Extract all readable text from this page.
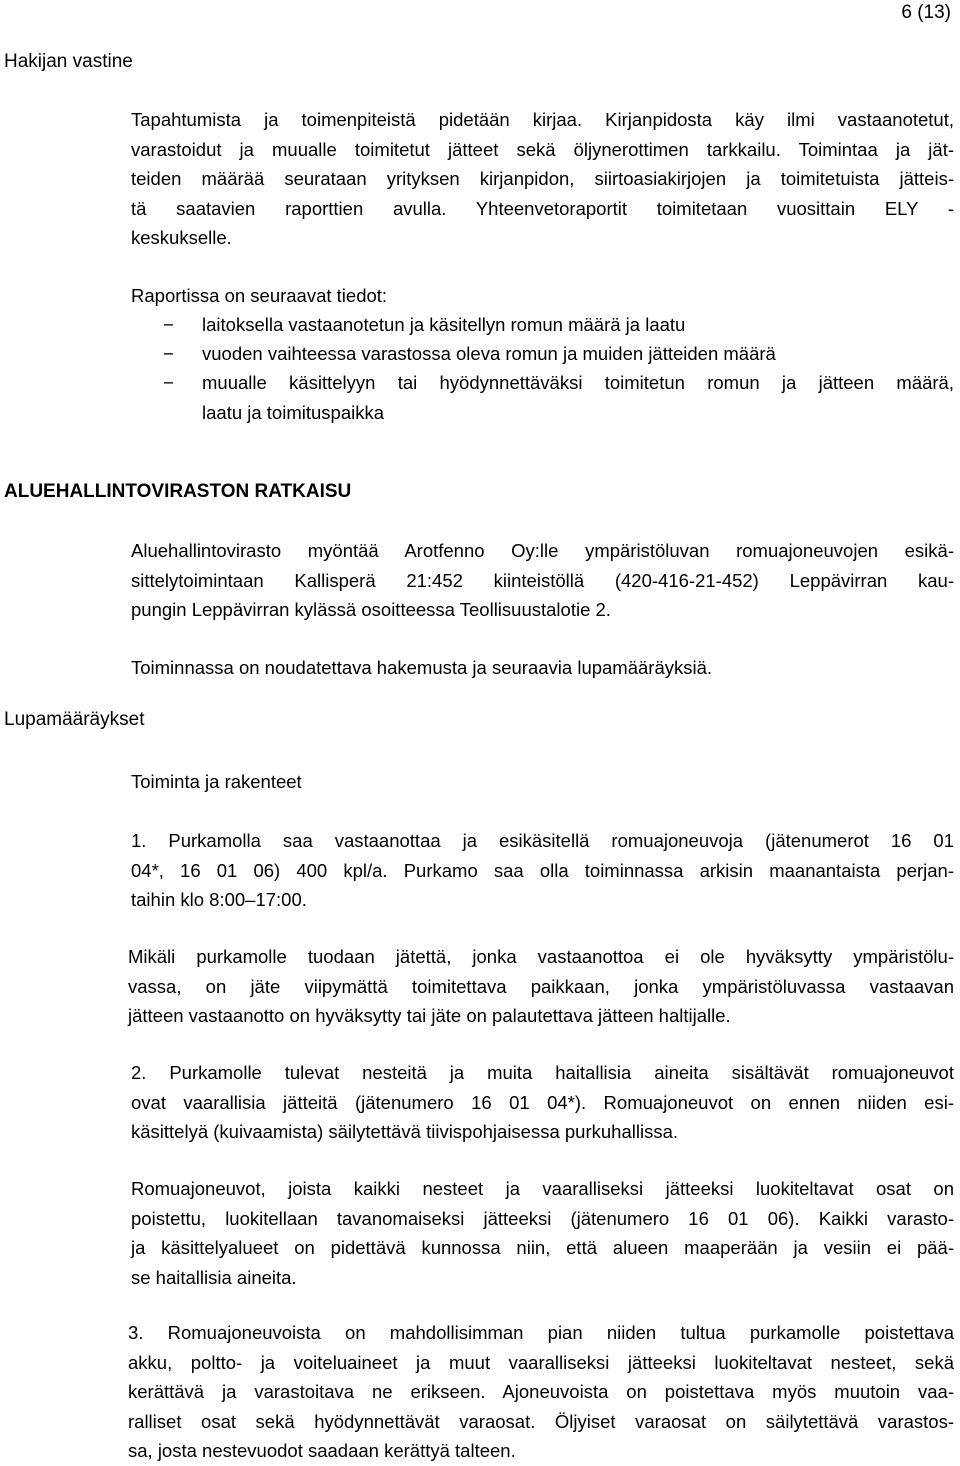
6 (13)
Hakijan vastine
Tapahtumista ja toimenpiteistä pidetään kirjaa. Kirjanpidosta käy ilmi vastaanotetut,
varastoidut ja muualle toimitetut jätteet sekä öljynerottimen tarkkailu. Toimintaa ja jät-
teiden määrää seurataan yrityksen kirjanpidon, siirtoasiakirjojen ja toimitetuista jätteis-
tä saatavien raporttien avulla. Yhteenvetoraportit toimitetaan vuosittain ELY -
keskukselle.
Raportissa on seuraavat tiedot:
− laitoksella vastaanotetun ja käsitellyn romun määrä ja laatu
− vuoden vaihteessa varastossa oleva romun ja muiden jätteiden määrä
− muualle käsittelyyn tai hyödynnettäväksi toimitetun romun ja jätteen määrä,
laatu ja toimituspaikka
ALUEHALLINTOVIRASTON RATKAISU
Aluehallintovirasto myöntää Arotfenno Oy:lle ympäristöluvan romuajoneuvojen esikä-
sittelytoimintaan Kallisperä 21:452 kiinteistöllä (420-416-21-452) Leppävirran kau-
pungin Leppävirran kylässä osoitteessa Teollisuustalotie 2.
Toiminnassa on noudatettava hakemusta ja seuraavia lupamääräyksiä.
Lupamääräykset
Toiminta ja rakenteet
1. Purkamolla saa vastaanottaa ja esikäsitellä romuajoneuvoja (jätenumerot 16 01
04*, 16 01 06) 400 kpl/a. Purkamo saa olla toiminnassa arkisin maanantaista perjan-
taihin klo 8:00–17:00.
Mikäli purkamolle tuodaan jätettä, jonka vastaanottoa ei ole hyväksytty ympäristölu-
vassa, on jäte viipymättä toimitettava paikkaan, jonka ympäristöluvassa vastaavan
jätteen vastaanotto on hyväksytty tai jäte on palautettava jätteen haltijalle.
2. Purkamolle tulevat nesteitä ja muita haitallisia aineita sisältävät romuajoneuvot
ovat vaarallisia jätteitä (jätenumero 16 01 04*). Romuajoneuvot on ennen niiden esi-
käsittelyä (kuivaamista) säilytettävä tiivispohjaisessa purkuhallissa.
Romuajoneuvot, joista kaikki nesteet ja vaaralliseksi jätteeksi luokiteltavat osat on
poistettu, luokitellaan tavanomaiseksi jätteeksi (jätenumero 16 01 06). Kaikki varasto-
ja käsittelyalueet on pidettävä kunnossa niin, että alueen maaperään ja vesiin ei pää-
se haitallisia aineita.
3. Romuajoneuvoista on mahdollisimman pian niiden tultua purkamolle poistettava
akku, poltto- ja voiteluaineet ja muut vaaralliseksi jätteeksi luokiteltavat nesteet, sekä
kerättävä ja varastoitava ne erikseen. Ajoneuvoista on poistettava myös muutoin vaa-
ralliset osat sekä hyödynnettävät varaosat. Öljyiset varaosat on säilytettävä varastos-
sa, josta nestevuodot saadaan kerättyä talteen.
